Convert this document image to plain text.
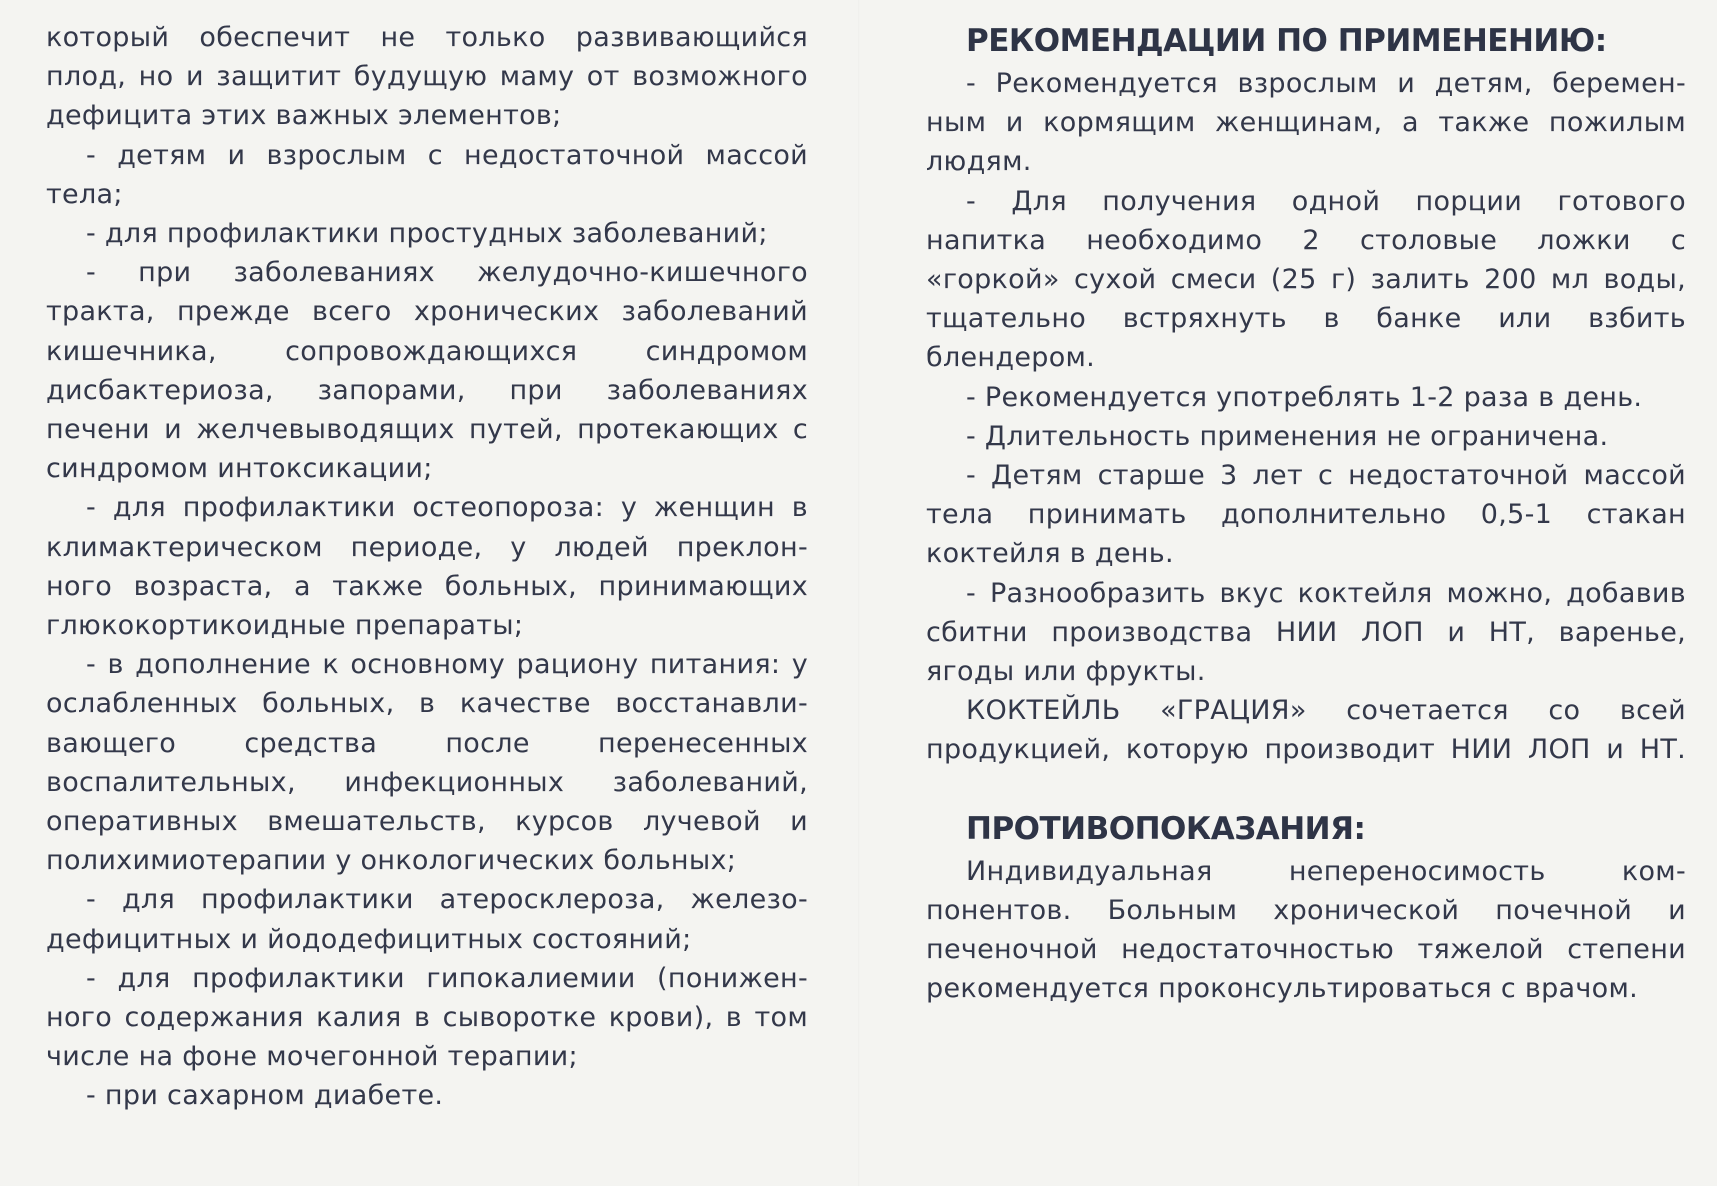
который обеспечит не только развивающийся

плод, но и защитит будущую маму от возможного

дефицита этих важных элементов;

- детям и взрослым с недостаточной массой

тела;

- для профилактики простудных заболеваний;

- при заболеваниях желудочно-кишечного

тракта, прежде всего хронических заболеваний

кишечника, сопровождающихся синдромом

дисбактериоза, запорами, при заболеваниях

печени и желчевыводящих путей, протекающих с

синдромом интоксикации;

- для профилактики остеопороза: у женщин в

климактерическом периоде, у людей преклон-

ного возраста, а также больных, принимающих

глюкокортикоидные препараты;

- в дополнение к основному рациону питания: у

ослабленных больных, в качестве восстанавли-

вающего средства после перенесенных

воспалительных, инфекционных заболеваний,

оперативных вмешательств, курсов лучевой и

полихимиотерапии у онкологических больных;

- для профилактики атеросклероза, железо-

дефицитных и йододефицитных состояний;

- для профилактики гипокалиемии (понижен-

ного содержания калия в сыворотке крови), в том

числе на фоне мочегонной терапии;

- при сахарном диабете.

РЕКОМЕНДАЦИИ ПО ПРИМЕНЕНИЮ:

- Рекомендуется взрослым и детям, беремен-

ным и кормящим женщинам, а также пожилым

людям.

- Для получения одной порции готового

напитка необходимо 2 столовые ложки с

«горкой» сухой смеси (25 г) залить 200 мл воды,

тщательно встряхнуть в банке или взбить

блендером.

- Рекомендуется употреблять 1-2 раза в день.

- Длительность применения не ограничена.

- Детям старше 3 лет с недостаточной массой

тела принимать дополнительно 0,5-1 стакан

коктейля в день.

- Разнообразить вкус коктейля можно, добавив

сбитни производства НИИ ЛОП и НТ, варенье,

ягоды или фрукты.

КОКТЕЙЛЬ «ГРАЦИЯ» сочетается со всей

продукцией, которую производит НИИ ЛОП и НТ.

ПРОТИВОПОКАЗАНИЯ:

Индивидуальная непереносимость ком-

понентов. Больным хронической почечной и

печеночной недостаточностью тяжелой степени

рекомендуется проконсультироваться с врачом.
